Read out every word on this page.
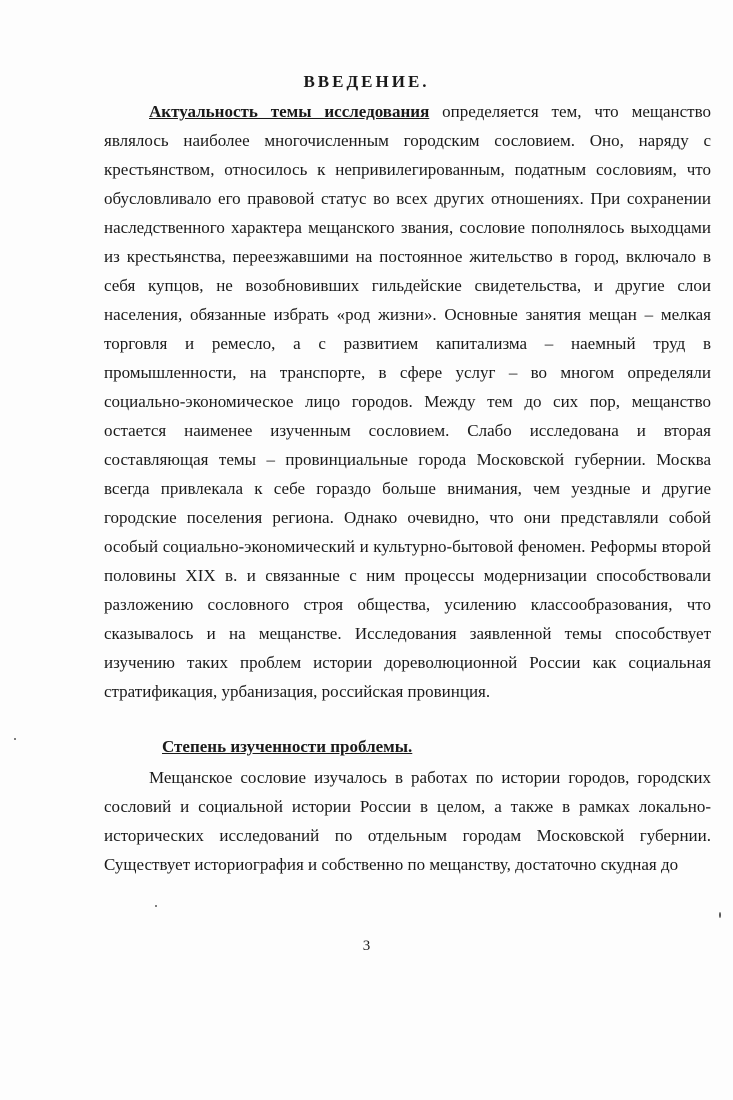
ВВЕДЕНИЕ.

Актуальность темы исследования определяется тем, что мещанство являлось наиболее многочисленным городским сословием. Оно, наряду с крестьянством, относилось к непривилегированным, податным сословиям, что обусловливало его правовой статус во всех других отношениях. При сохранении наследственного характера мещанского звания, сословие пополнялось выходцами из крестьянства, переезжавшими на постоянное жительство в город, включало в себя купцов, не возобновивших гильдейские свидетельства, и другие слои населения, обязанные избрать «род жизни». Основные занятия мещан – мелкая торговля и ремесло, а с развитием капитализма – наемный труд в промышленности, на транспорте, в сфере услуг – во многом определяли социально-экономическое лицо городов. Между тем до сих пор, мещанство остается наименее изученным сословием. Слабо исследована и вторая составляющая темы – провинциальные города Московской губернии. Москва всегда привлекала к себе гораздо больше внимания, чем уездные и другие городские поселения региона. Однако очевидно, что они представляли собой особый социально-экономический и культурно-бытовой феномен. Реформы второй половины XIX в. и связанные с ним процессы модернизации способствовали разложению сословного строя общества, усилению классообразования, что сказывалось и на мещанстве. Исследования заявленной темы способствует изучению таких проблем истории дореволюционной России как социальная стратификация, урбанизация, российская провинция.

Степень изученности проблемы.

Мещанское сословие изучалось в работах по истории городов, городских сословий и социальной истории России в целом, а также в рамках локально-исторических исследований по отдельным городам Московской губернии. Существует историография и собственно по мещанству, достаточно скудная до

3
